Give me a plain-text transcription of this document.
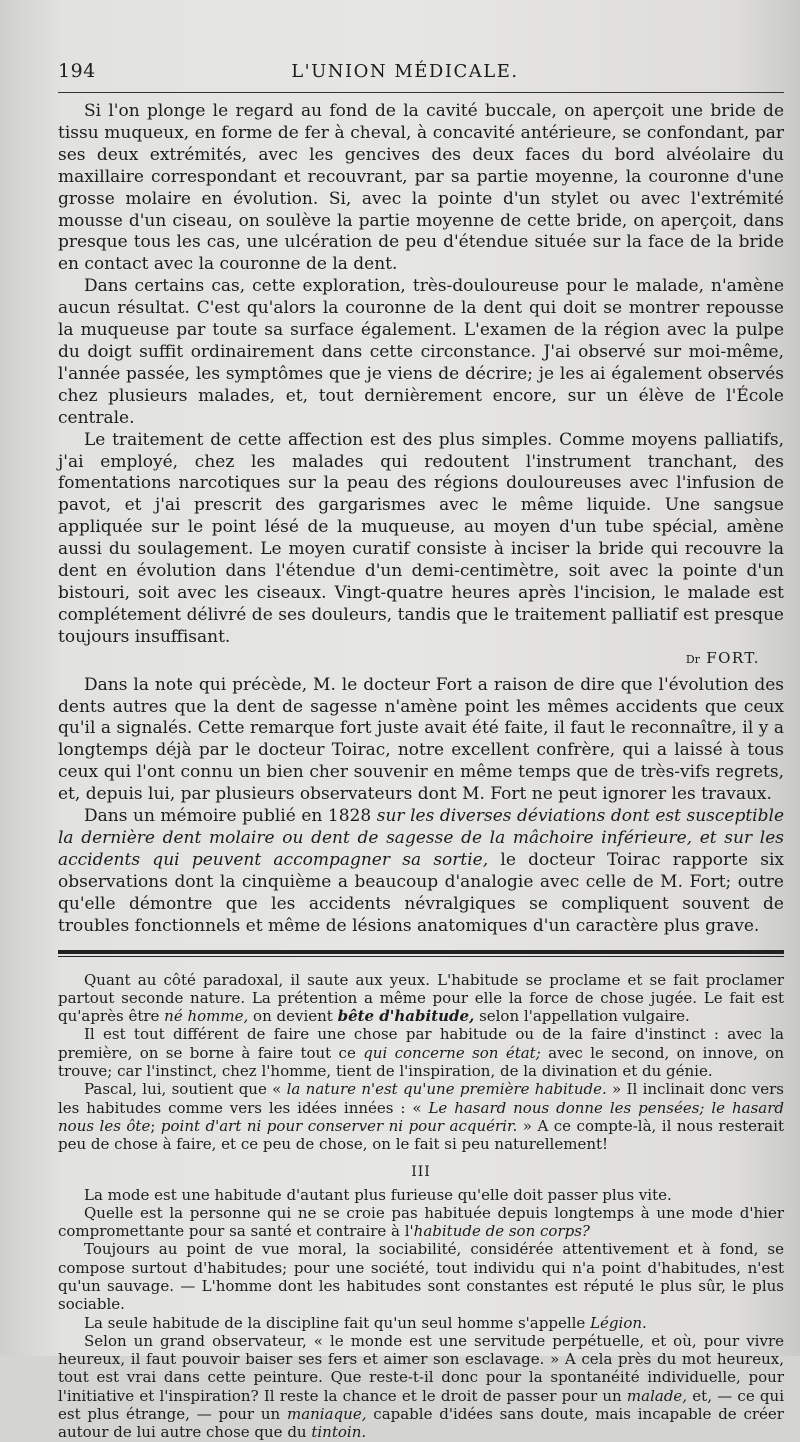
194	L'UNION MÉDICALE.

Si l'on plonge le regard au fond de la cavité buccale, on aperçoit une bride de tissu muqueux, en forme de fer à cheval, à concavité antérieure, se confondant, par ses deux extrémités, avec les gencives des deux faces du bord alvéolaire du maxillaire correspondant et recouvrant, par sa partie moyenne, la couronne d'une grosse molaire en évolution. Si, avec la pointe d'un stylet ou avec l'extrémité mousse d'un ciseau, on soulève la partie moyenne de cette bride, on aperçoit, dans presque tous les cas, une ulcération de peu d'étendue située sur la face de la bride en contact avec la couronne de la dent.

Dans certains cas, cette exploration, très-douloureuse pour le malade, n'amène aucun résultat. C'est qu'alors la couronne de la dent qui doit se montrer repousse la muqueuse par toute sa surface également. L'examen de la région avec la pulpe du doigt suffit ordinairement dans cette circonstance. J'ai observé sur moi-même, l'année passée, les symptômes que je viens de décrire; je les ai également observés chez plusieurs malades, et, tout dernièrement encore, sur un élève de l'École centrale.

Le traitement de cette affection est des plus simples. Comme moyens palliatifs, j'ai employé, chez les malades qui redoutent l'instrument tranchant, des fomentations narcotiques sur la peau des régions douloureuses avec l'infusion de pavot, et j'ai prescrit des gargarismes avec le même liquide. Une sangsue appliquée sur le point lésé de la muqueuse, au moyen d'un tube spécial, amène aussi du soulagement. Le moyen curatif consiste à inciser la bride qui recouvre la dent en évolution dans l'étendue d'un demi-centimètre, soit avec la pointe d'un bistouri, soit avec les ciseaux. Vingt-quatre heures après l'incision, le malade est complétement délivré de ses douleurs, tandis que le traitement palliatif est presque toujours insuffisant.

Dr FORT.

Dans la note qui précède, M. le docteur Fort a raison de dire que l'évolution des dents autres que la dent de sagesse n'amène point les mêmes accidents que ceux qu'il a signalés. Cette remarque fort juste avait été faite, il faut le reconnaître, il y a longtemps déjà par le docteur Toirac, notre excellent confrère, qui a laissé à tous ceux qui l'ont connu un bien cher souvenir en même temps que de très-vifs regrets, et, depuis lui, par plusieurs observateurs dont M. Fort ne peut ignorer les travaux.

Dans un mémoire publié en 1828 sur les diverses déviations dont est susceptible la dernière dent molaire ou dent de sagesse de la mâchoire inférieure, et sur les accidents qui peuvent accompagner sa sortie, le docteur Toirac rapporte six observations dont la cinquième a beaucoup d'analogie avec celle de M. Fort; outre qu'elle démontre que les accidents névralgiques se compliquent souvent de troubles fonctionnels et même de lésions anatomiques d'un caractère plus grave.

Quant au côté paradoxal, il saute aux yeux. L'habitude se proclame et se fait proclamer partout seconde nature. La prétention a même pour elle la force de chose jugée. Le fait est qu'après être né homme, on devient bête d'habitude, selon l'appellation vulgaire.

Il est tout différent de faire une chose par habitude ou de la faire d'instinct : avec la première, on se borne à faire tout ce qui concerne son état; avec le second, on innove, on trouve; car l'instinct, chez l'homme, tient de l'inspiration, de la divination et du génie.

Pascal, lui, soutient que « la nature n'est qu'une première habitude. » Il inclinait donc vers les habitudes comme vers les idées innées : « Le hasard nous donne les pensées; le hasard nous les ôte; point d'art ni pour conserver ni pour acquérir. » A ce compte-là, il nous resterait peu de chose à faire, et ce peu de chose, on le fait si peu naturellement!

III

La mode est une habitude d'autant plus furieuse qu'elle doit passer plus vite.

Quelle est la personne qui ne se croie pas habituée depuis longtemps à une mode d'hier compromettante pour sa santé et contraire à l'habitude de son corps?

Toujours au point de vue moral, la sociabilité, considérée attentivement et à fond, se compose surtout d'habitudes; pour une société, tout individu qui n'a point d'habitudes, n'est qu'un sauvage. — L'homme dont les habitudes sont constantes est réputé le plus sûr, le plus sociable.

La seule habitude de la discipline fait qu'un seul homme s'appelle Légion.

Selon un grand observateur, « le monde est une servitude perpétuelle, et où, pour vivre heureux, il faut pouvoir baiser ses fers et aimer son esclavage. » A cela près du mot heureux, tout est vrai dans cette peinture. Que reste-t-il donc pour la spontanéité individuelle, pour l'initiative et l'inspiration? Il reste la chance et le droit de passer pour un malade, et, — ce qui est plus étrange, — pour un maniaque, capable d'idées sans doute, mais incapable de créer autour de lui autre chose que du tintoin.
